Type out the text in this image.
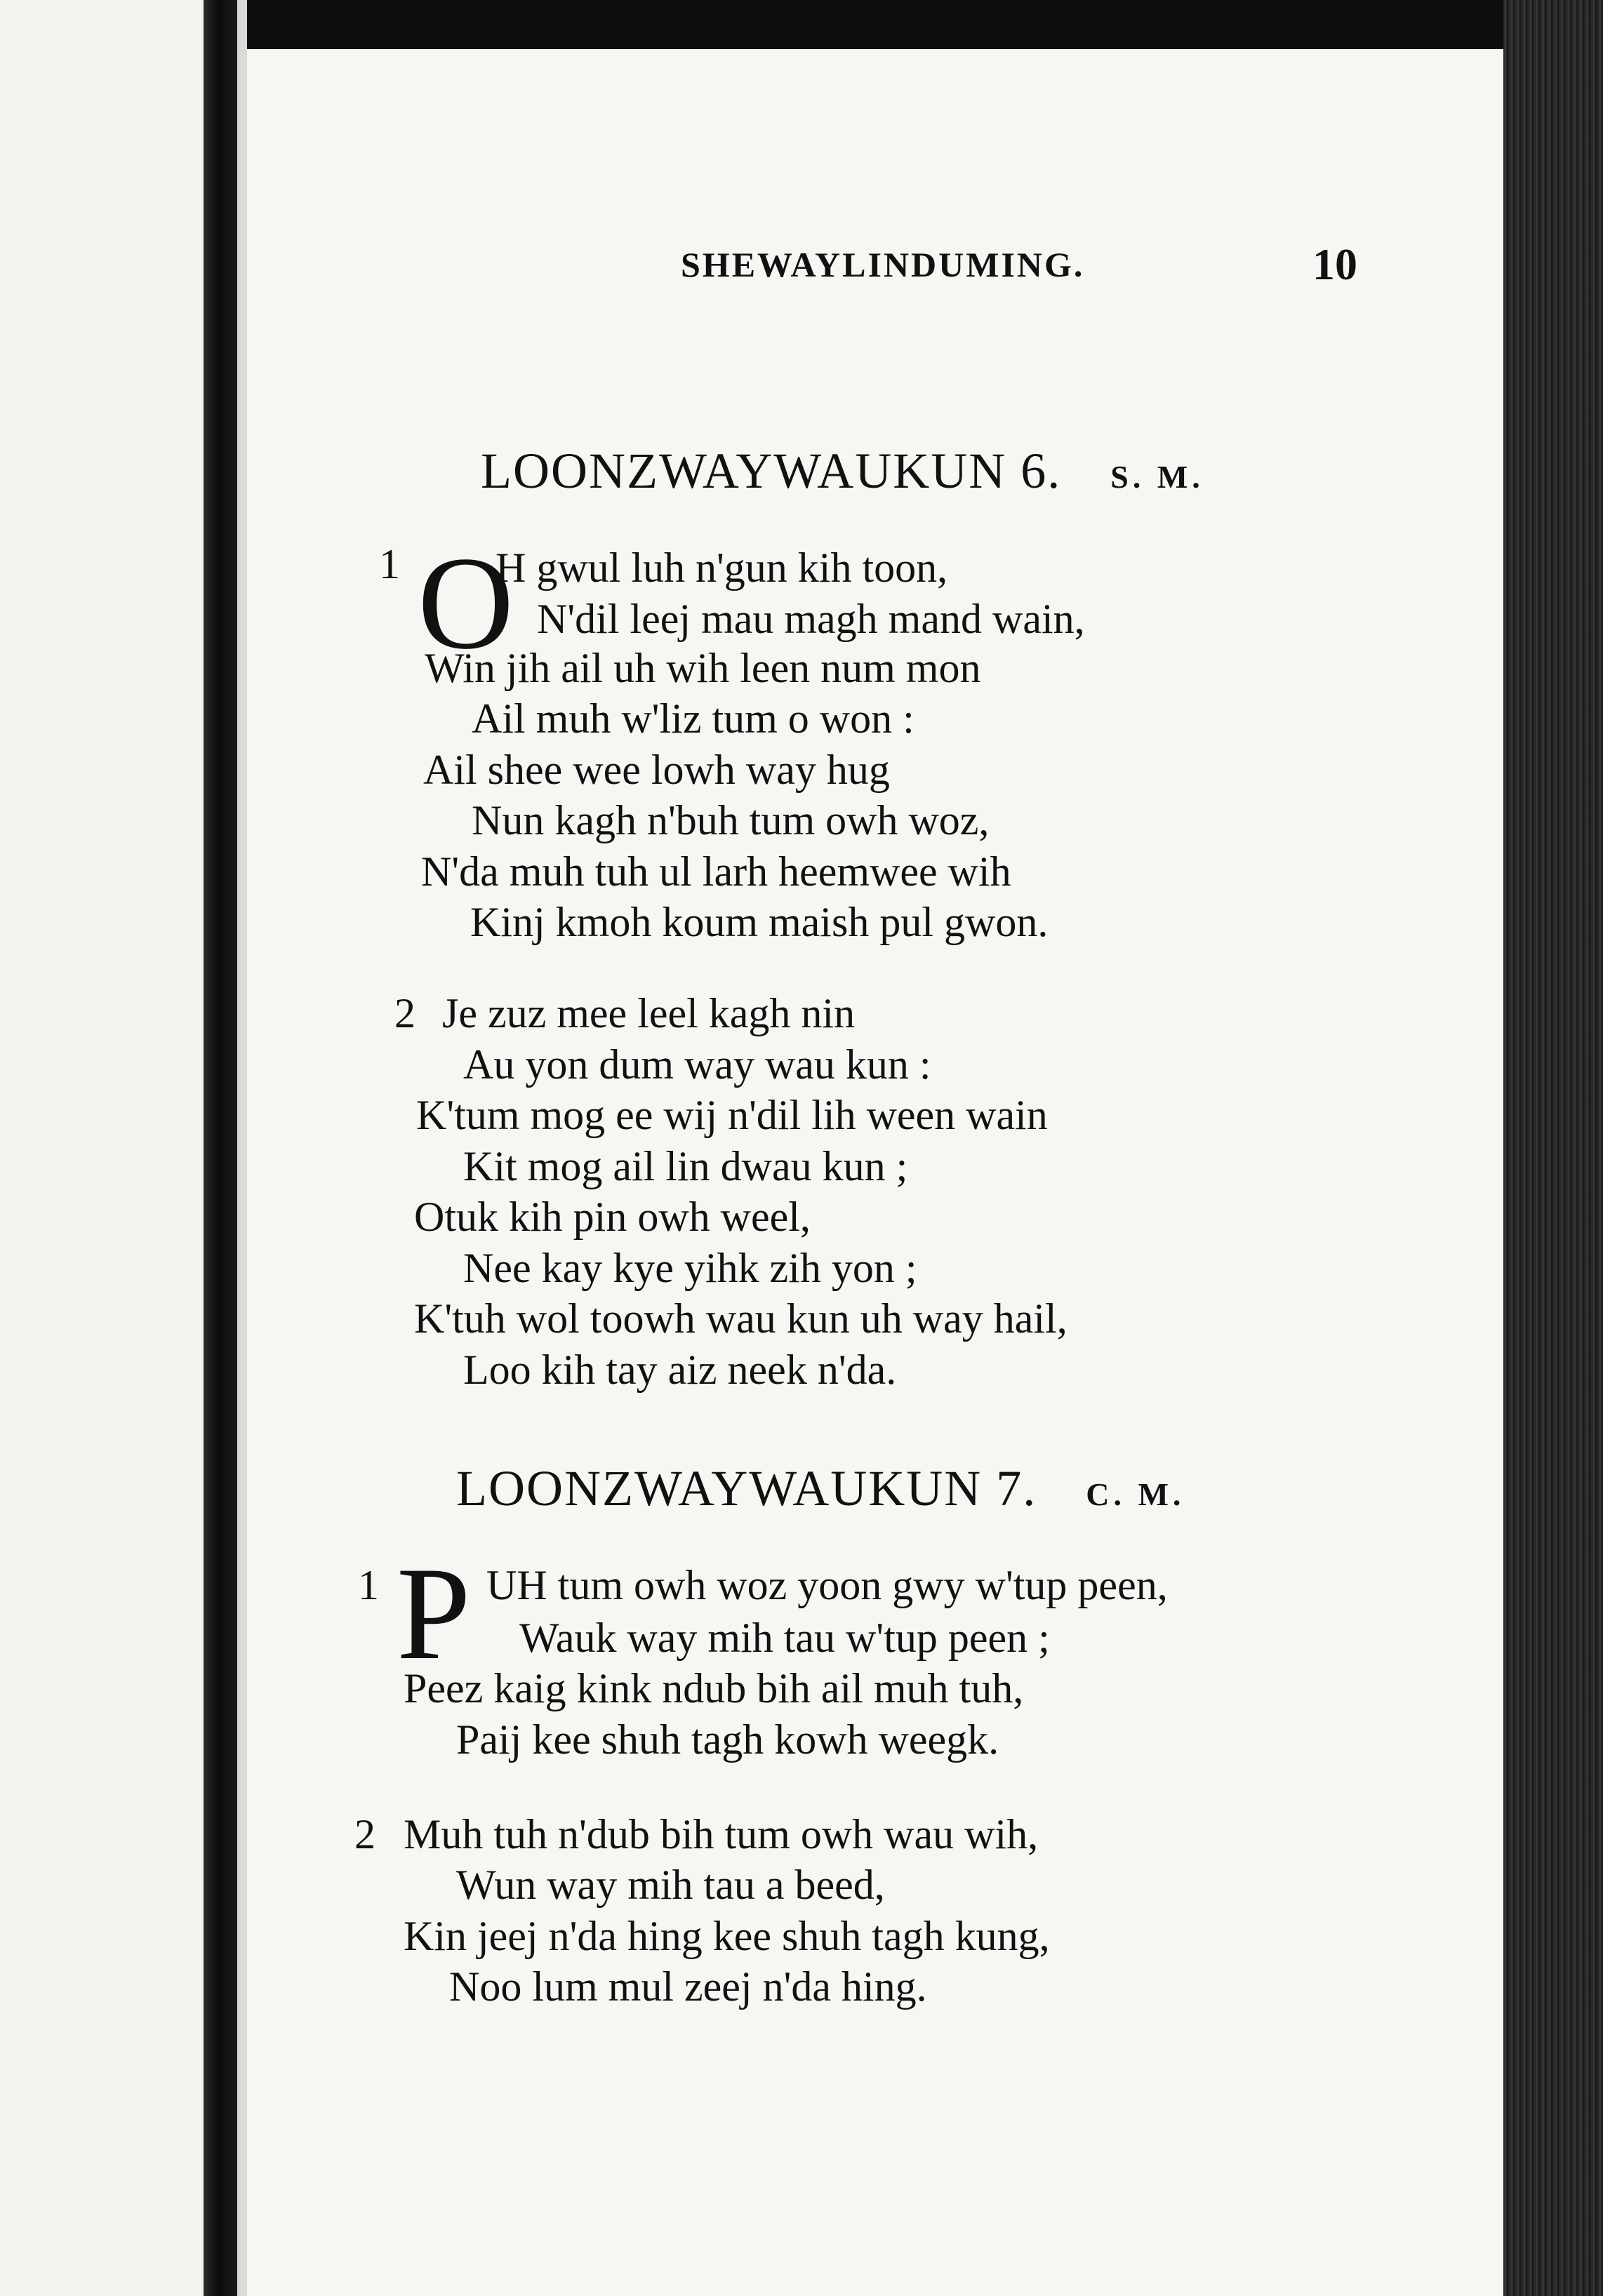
SHEWAYLINDUMING.	10
LOONZWAYWAUKUN 6. S. M.
1 O
H gwul luh n'gun kih toon,
N'dil leej mau magh mand wain,
Win jih ail uh wih leen num mon
Ail muh w'liz tum o won :
Ail shee wee lowh way hug
Nun kagh n'buh tum owh woz,
N'da muh tuh ul larh heemwee wih
Kinj kmoh koum maish pul gwon.
2 Je zuz mee leel kagh nin
Au yon dum way wau kun :
K'tum mog ee wij n'dil lih ween wain
Kit mog ail lin dwau kun ;
Otuk kih pin owh weel,
Nee kay kye yihk zih yon ;
K'tuh wol toowh wau kun uh way hail,
Loo kih tay aiz neek n'da.
LOONZWAYWAUKUN 7. C. M.
1 P UH tum owh woz yoon gwy w'tup peen,
Wauk way mih tau w'tup peen ;
Peez kaig kink ndub bih ail muh tuh,
Paij kee shuh tagh kowh weegk.
2 Muh tuh n'dub bih tum owh wau wih,
Wun way mih tau a beed,
Kin jeej n'da hing kee shuh tagh kung,
Noo lum mul zeej n'da hing.
